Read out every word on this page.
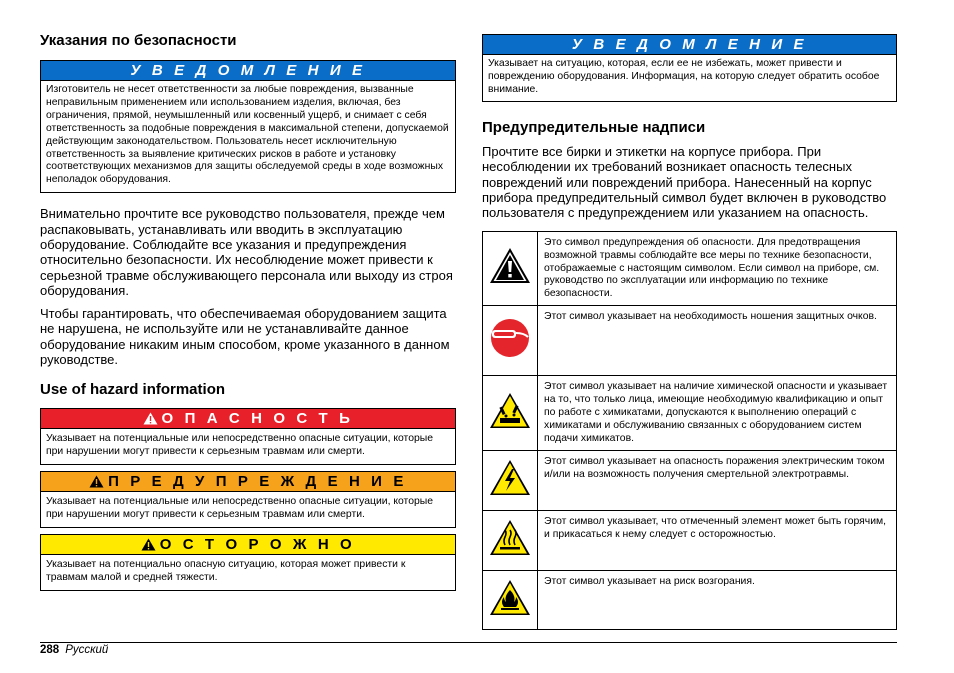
Указания по безопасности
У В Е Д О М Л Е Н И Е
Изготовитель не несет ответственности за любые повреждения, вызванные неправильным применением или использованием изделия, включая, без ограничения, прямой, неумышленный или косвенный ущерб, и снимает с себя ответственность за подобные повреждения в максимальной степени, допускаемой действующим законодательством. Пользователь несет исключительную ответственность за выявление критических рисков в работе и установку соответствующих механизмов для защиты обследуемой среды в ходе возможных неполадок оборудования.

Внимательно прочтите все руководство пользователя, прежде чем распаковывать, устанавливать или вводить в эксплуатацию оборудование. Соблюдайте все указания и предупреждения относительно безопасности. Их несоблюдение может привести к серьезной травме обслуживающего персонала или выходу из строя оборудования.

Чтобы гарантировать, что обеспечиваемая оборудованием защита не нарушена, не используйте или не устанавливайте данное оборудование никаким иным способом, кроме указанного в данном руководстве.

Use of hazard information
О П А С Н О С Т Ь
Указывает на потенциальные или непосредственно опасные ситуации, которые при нарушении могут привести к серьезным травмам или смерти.
П Р Е Д У П Р Е Ж Д Е Н И Е
Указывает на потенциальные или непосредственно опасные ситуации, которые при нарушении могут привести к серьезным травмам или смерти.
О С Т О Р О Ж Н О
Указывает на потенциально опасную ситуацию, которая может привести к травмам малой и средней тяжести.
У В Е Д О М Л Е Н И Е
Указывает на ситуацию, которая, если ее не избежать, может привести и повреждению оборудования. Информация, на которую следует обратить особое внимание.
Предупредительные надписи

Прочтите все бирки и этикетки на корпусе прибора. При несоблюдении их требований возникает опасность телесных повреждений или повреждений прибора. Нанесенный на корпус прибора предупредительный символ будет включен в руководство пользователя с предупреждением или указанием на опасность.

	Это символ предупреждения об опасности. Для предотвращения возможной травмы соблюдайте все меры по технике безопасности, отображаемые с настоящим символом. Если символ на приборе, см. руководство по эксплуатации или информацию по технике безопасности.
	Этот символ указывает на необходимость ношения защитных очков.
	Этот символ указывает на наличие химической опасности и указывает на то, что только лица, имеющие необходимую квалификацию и опыт по работе с химикатами, допускаются к выполнению операций с химикатами и обслуживанию связанных с оборудованием систем подачи химикатов.
	Этот символ указывает на опасность поражения электрическим током и/или на возможность получения смертельной электротравмы.
	Этот символ указывает, что отмеченный элемент может быть горячим, и прикасаться к нему следует с осторожностью.
	Этот символ указывает на риск возгорания.
288 Русский
